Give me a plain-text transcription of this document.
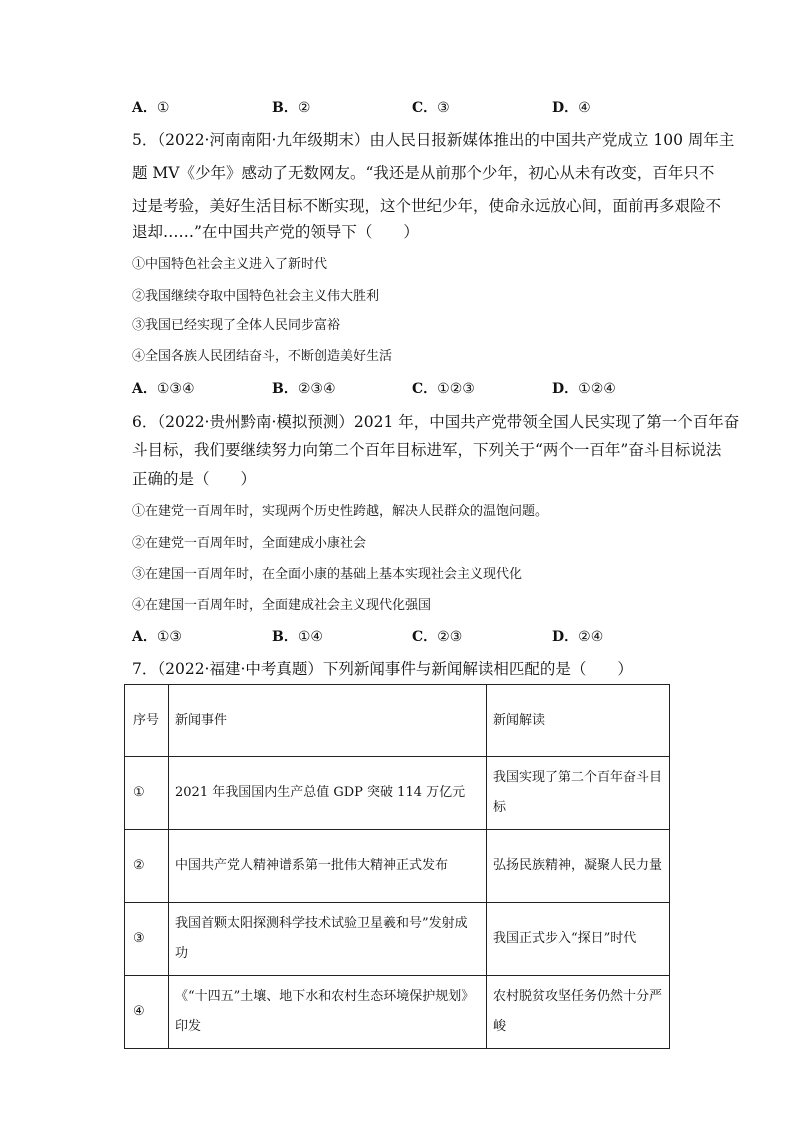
A．①	B．②	C．③	D．④
5．（2022·河南南阳·九年级期末）由人民日报新媒体推出的中国共产党成立 100 周年主
题 MV《少年》感动了无数网友。“我还是从前那个少年，初心从未有改变，百年只不
过是考验，美好生活目标不断实现，这个世纪少年，使命永远放心间，面前再多艰险不
退却……”在中国共产党的领导下（　　）
①中国特色社会主义进入了新时代
②我国继续夺取中国特色社会主义伟大胜利
③我国已经实现了全体人民同步富裕
④全国各族人民团结奋斗，不断创造美好生活
A．①③④	B．②③④	C．①②③	D．①②④
6．（2022·贵州黔南·模拟预测）2021 年，中国共产党带领全国人民实现了第一个百年奋
斗目标，我们要继续努力向第二个百年目标进军，下列关于“两个一百年”奋斗目标说法
正确的是（　　）
①在建党一百周年时，实现两个历史性跨越，解决人民群众的温饱问题。
②在建党一百周年时，全面建成小康社会
③在建国一百周年时，在全面小康的基础上基本实现社会主义现代化
④在建国一百周年时，全面建成社会主义现代化强国
A．①③	B．①④	C．②③	D．②④
7．（2022·福建·中考真题）下列新闻事件与新闻解读相匹配的是（　　）
序号	新闻事件	新闻解读
①	2021 年我国国内生产总值 GDP 突破 114 万亿元	我国实现了第二个百年奋斗目标
②	中国共产党人精神谱系第一批伟大精神正式发布	弘扬民族精神，凝聚人民力量
③	我国首颗太阳探测科学技术试验卫星羲和号”发射成功	我国正式步入“探日”时代
④	《“十四五”土壤、地下水和农村生态环境保护规划》印发	农村脱贫攻坚任务仍然十分严峻
